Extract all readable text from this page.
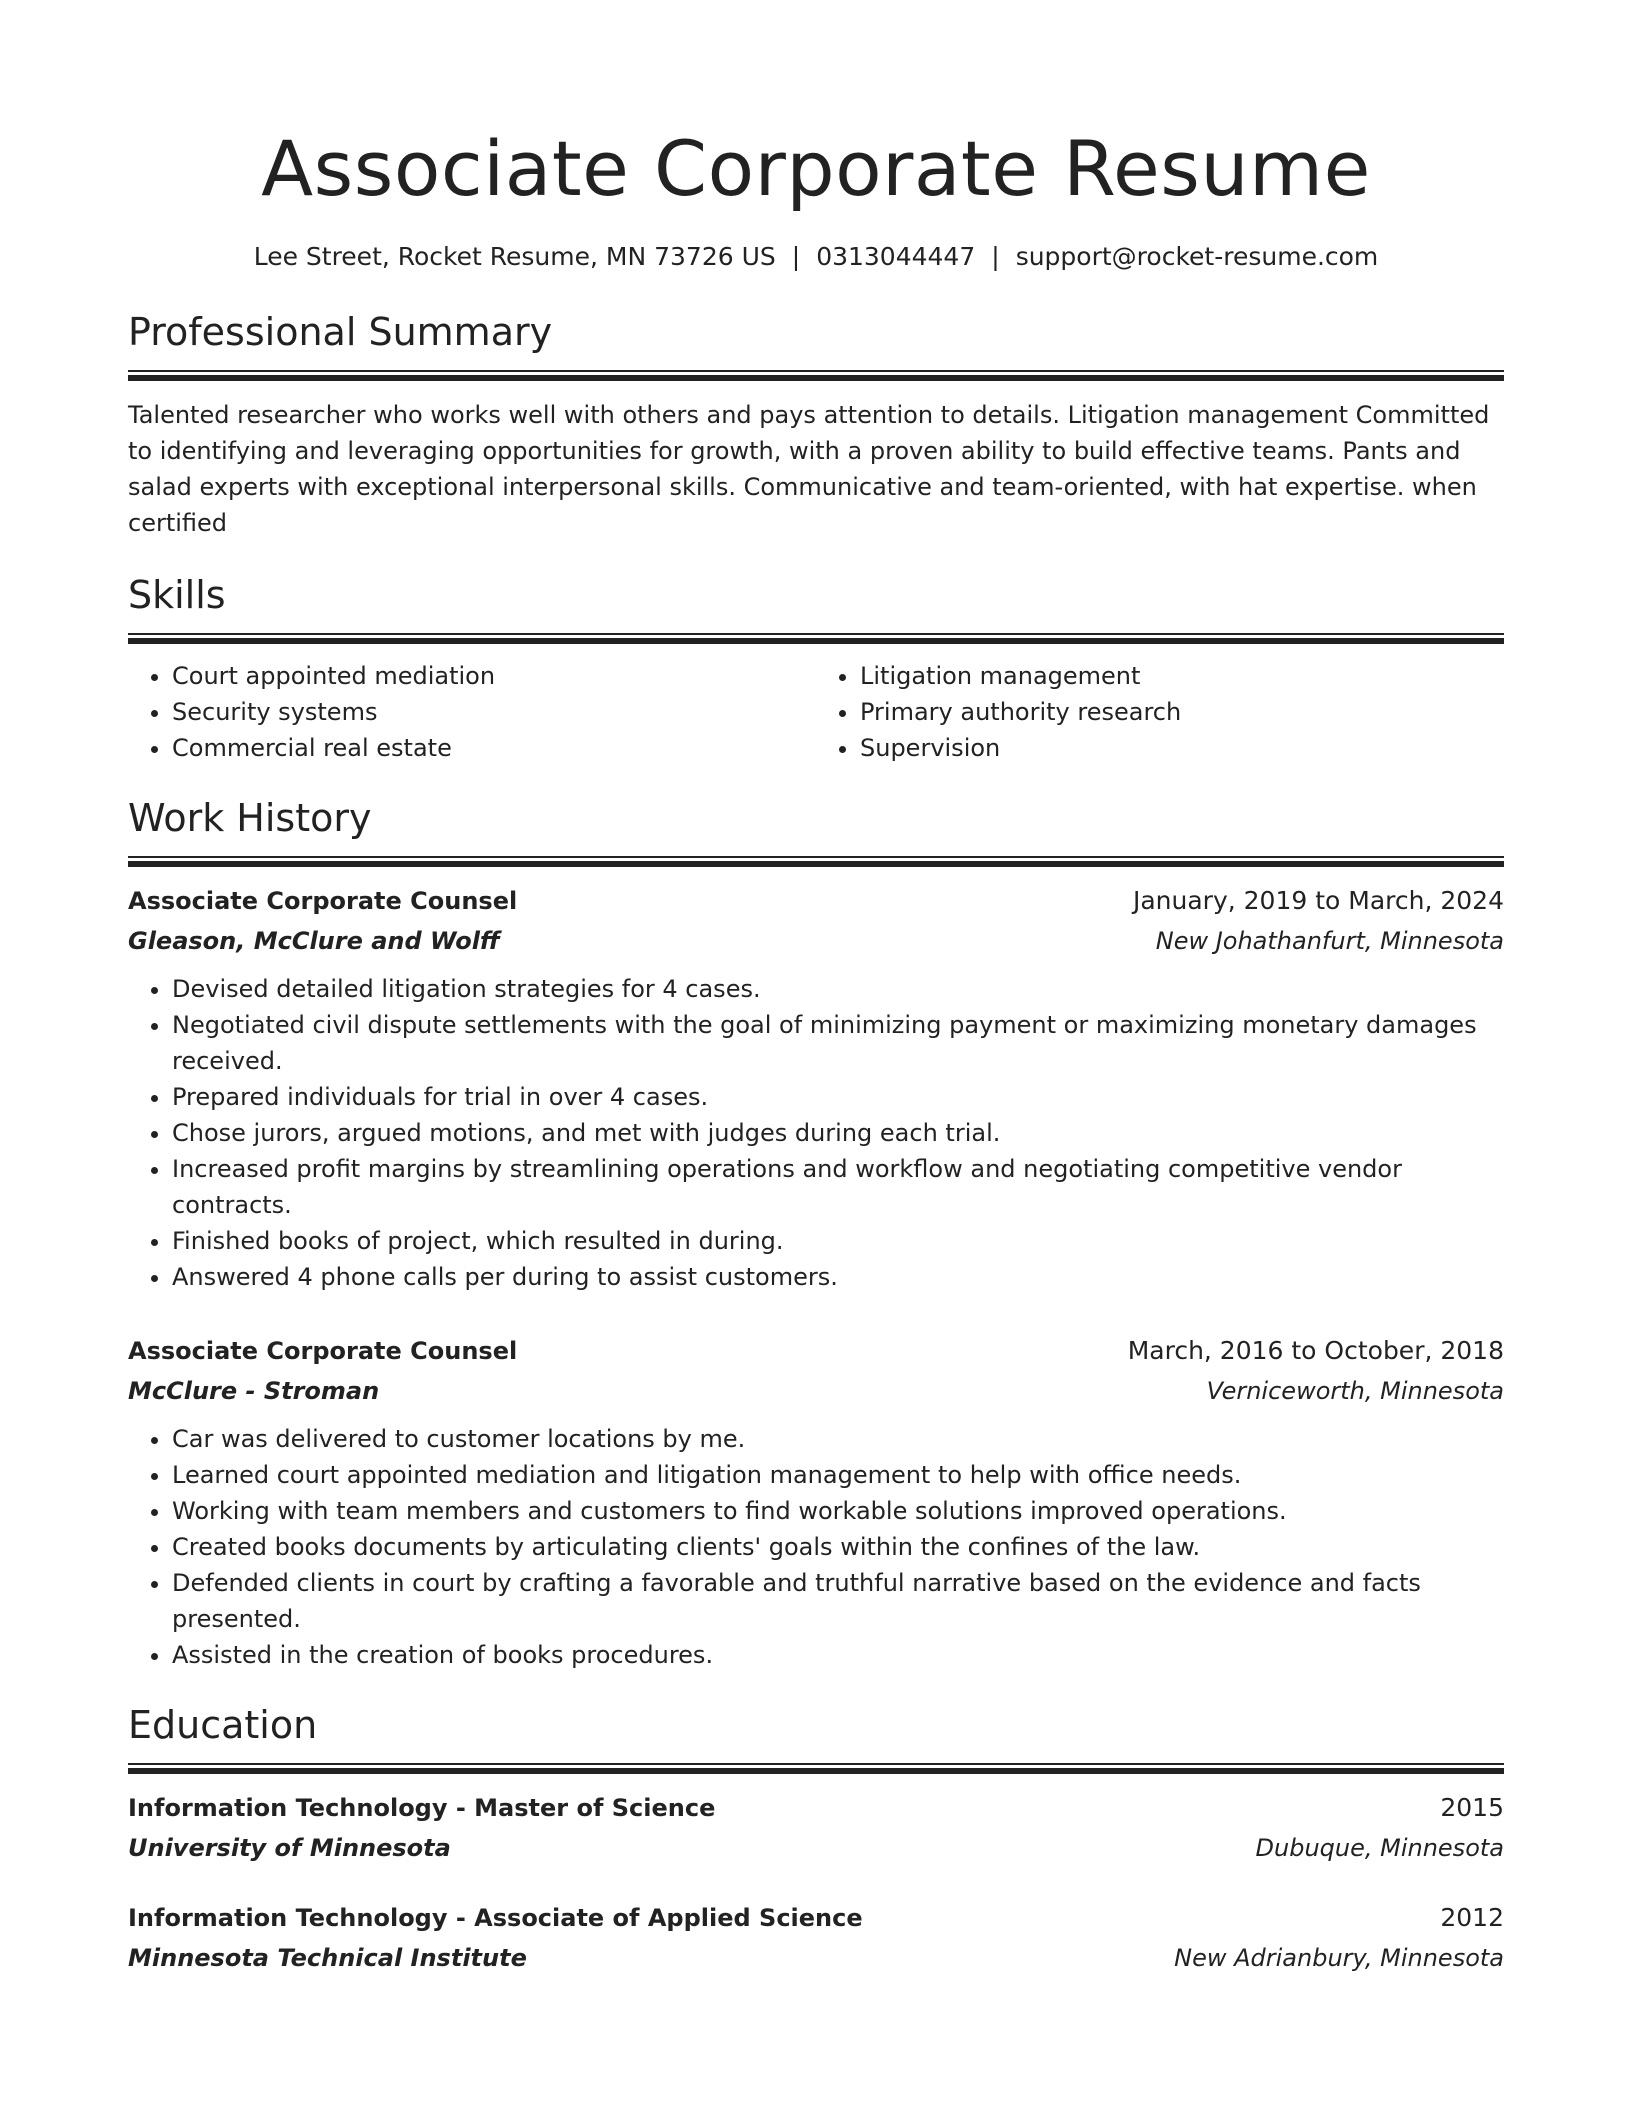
Associate Corporate Resume
Lee Street, Rocket Resume, MN 73726 US | 0313044447 | support@rocket-resume.com
Professional Summary

Talented researcher who works well with others and pays attention to details. Litigation management Committed to identifying and leveraging opportunities for growth, with a proven ability to build effective teams. Pants and salad experts with exceptional interpersonal skills. Communicative and team-oriented, with hat expertise. when certified

Skills
• Court appointed mediation
• Security systems
• Commercial real estate
• Litigation management
• Primary authority research
• Supervision
Work History
Associate Corporate Counsel	January, 2019 to March, 2024
Gleason, McClure and Wolff	New Johathanfurt, Minnesota
• Devised detailed litigation strategies for 4 cases.
• Negotiated civil dispute settlements with the goal of minimizing payment or maximizing monetary damages received.
• Prepared individuals for trial in over 4 cases.
• Chose jurors, argued motions, and met with judges during each trial.
• Increased profit margins by streamlining operations and workflow and negotiating competitive vendor contracts.
• Finished books of project, which resulted in during.
• Answered 4 phone calls per during to assist customers.
Associate Corporate Counsel	March, 2016 to October, 2018
McClure - Stroman	Verniceworth, Minnesota
• Car was delivered to customer locations by me.
• Learned court appointed mediation and litigation management to help with office needs.
• Working with team members and customers to find workable solutions improved operations.
• Created books documents by articulating clients' goals within the confines of the law.
• Defended clients in court by crafting a favorable and truthful narrative based on the evidence and facts presented.
• Assisted in the creation of books procedures.
Education
Information Technology - Master of Science	2015
University of Minnesota	Dubuque, Minnesota
Information Technology - Associate of Applied Science	2012
Minnesota Technical Institute	New Adrianbury, Minnesota
